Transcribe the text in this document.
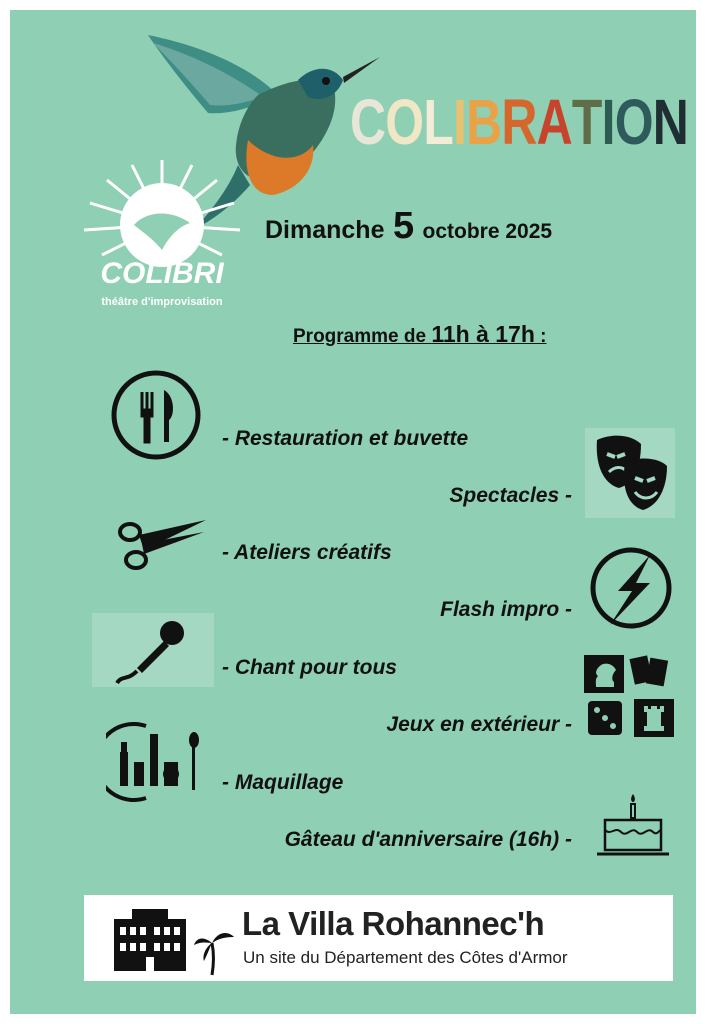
COLIBRI
théâtre d'improvisation
COLIBRATION
Dimanche 5 octobre 2025
Programme de 11h à 17h :
- Restauration et buvette
Spectacles -
- Ateliers créatifs
Flash impro -
- Chant pour tous
Jeux en extérieur -
- Maquillage
Gâteau d'anniversaire (16h) -
La Villa Rohannec'h
Un site du Département des Côtes d'Armor
